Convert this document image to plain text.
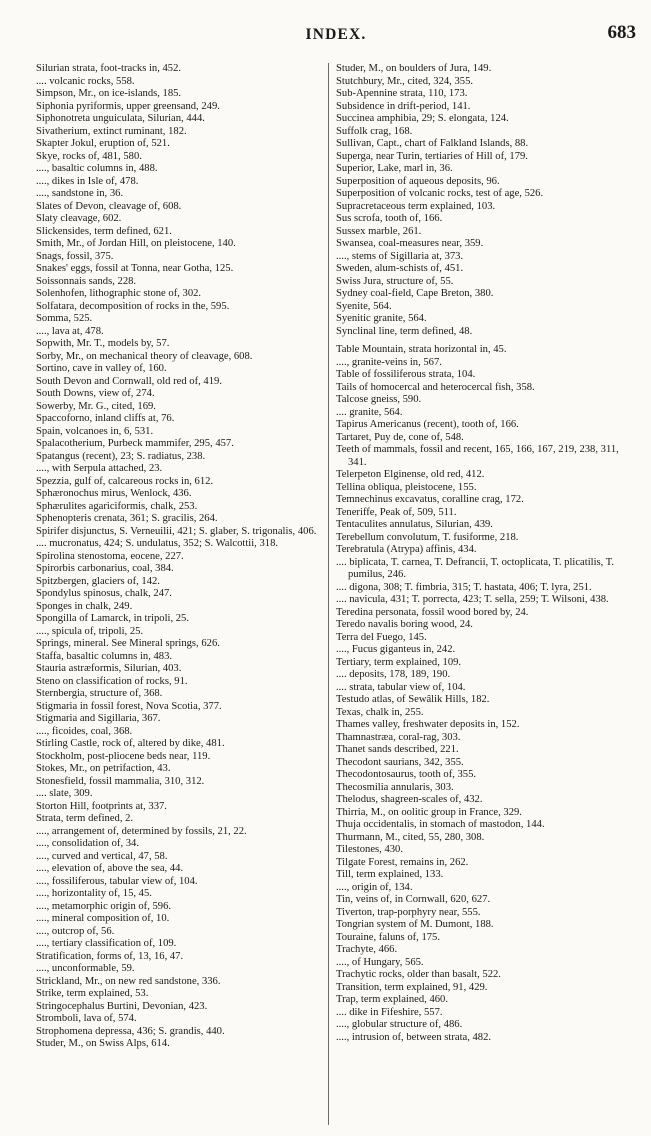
INDEX.	683

Silurian strata, foot-tracks in, 452.

.... volcanic rocks, 558.

Simpson, Mr., on ice-islands, 185.

Siphonia pyriformis, upper greensand, 249.

Siphonotreta unguiculata, Silurian, 444.

Sivatherium, extinct ruminant, 182.

Skapter Jokul, eruption of, 521.

Skye, rocks of, 481, 580.

...., basaltic columns in, 488.

...., dikes in Isle of, 478.

...., sandstone in, 36.

Slates of Devon, cleavage of, 608.

Slaty cleavage, 602.

Slickensides, term defined, 621.

Smith, Mr., of Jordan Hill, on pleistocene, 140.

Snags, fossil, 375.

Snakes' eggs, fossil at Tonna, near Gotha, 125.

Soissonnais sands, 228.

Solenhofen, lithographic stone of, 302.

Solfatara, decomposition of rocks in the, 595.

Somma, 525.

...., lava at, 478.

Sopwith, Mr. T., models by, 57.

Sorby, Mr., on mechanical theory of cleavage, 608.

Sortino, cave in valley of, 160.

South Devon and Cornwall, old red of, 419.

South Downs, view of, 274.

Sowerby, Mr. G., cited, 169.

Spaccoforno, inland cliffs at, 76.

Spain, volcanoes in, 6, 531.

Spalacotherium, Purbeck mammifer, 295, 457.

Spatangus (recent), 23; S. radiatus, 238.

...., with Serpula attached, 23.

Spezzia, gulf of, calcareous rocks in, 612.

Sphæronochus mirus, Wenlock, 436.

Sphærulites agariciformis, chalk, 253.

Sphenopteris crenata, 361; S. gracilis, 264.

Spirifer disjunctus, S. Verneuilii, 421; S. glaber, S. trigonalis, 406.

.... mucronatus, 424; S. undulatus, 352; S. Walcottii, 318.

Spirolina stenostoma, eocene, 227.

Spirorbis carbonarius, coal, 384.

Spitzbergen, glaciers of, 142.

Spondylus spinosus, chalk, 247.

Sponges in chalk, 249.

Spongilla of Lamarck, in tripoli, 25.

...., spicula of, tripoli, 25.

Springs, mineral. See Mineral springs, 626.

Staffa, basaltic columns in, 483.

Stauria astræformis, Silurian, 403.

Steno on classification of rocks, 91.

Sternbergia, structure of, 368.

Stigmaria in fossil forest, Nova Scotia, 377.

Stigmaria and Sigillaria, 367.

...., ficoides, coal, 368.

Stirling Castle, rock of, altered by dike, 481.

Stockholm, post-pliocene beds near, 119.

Stokes, Mr., on petrifaction, 43.

Stonesfield, fossil mammalia, 310, 312.

.... slate, 309.

Storton Hill, footprints at, 337.

Strata, term defined, 2.

...., arrangement of, determined by fossils, 21, 22.

...., consolidation of, 34.

...., curved and vertical, 47, 58.

...., elevation of, above the sea, 44.

...., fossiliferous, tabular view of, 104.

...., horizontality of, 15, 45.

...., metamorphic origin of, 596.

...., mineral composition of, 10.

...., outcrop of, 56.

...., tertiary classification of, 109.

Stratification, forms of, 13, 16, 47.

...., unconformable, 59.

Strickland, Mr., on new red sandstone, 336.

Strike, term explained, 53.

Stringocephalus Burtini, Devonian, 423.

Stromboli, lava of, 574.

Strophomena depressa, 436; S. grandis, 440.

Studer, M., on Swiss Alps, 614.

Studer, M., on boulders of Jura, 149.

Stutchbury, Mr., cited, 324, 355.

Sub-Apennine strata, 110, 173.

Subsidence in drift-period, 141.

Succinea amphibia, 29; S. elongata, 124.

Suffolk crag, 168.

Sullivan, Capt., chart of Falkland Islands, 88.

Superga, near Turin, tertiaries of Hill of, 179.

Superior, Lake, marl in, 36.

Superposition of aqueous deposits, 96.

Superposition of volcanic rocks, test of age, 526.

Supracretaceous term explained, 103.

Sus scrofa, tooth of, 166.

Sussex marble, 261.

Swansea, coal-measures near, 359.

...., stems of Sigillaria at, 373.

Sweden, alum-schists of, 451.

Swiss Jura, structure of, 55.

Sydney coal-field, Cape Breton, 380.

Syenite, 564.

Syenitic granite, 564.

Synclinal line, term defined, 48.

Table Mountain, strata horizontal in, 45.

...., granite-veins in, 567.

Table of fossiliferous strata, 104.

Tails of homocercal and heterocercal fish, 358.

Talcose gneiss, 590.

.... granite, 564.

Tapirus Americanus (recent), tooth of, 166.

Tartaret, Puy de, cone of, 548.

Teeth of mammals, fossil and recent, 165, 166, 167, 219, 238, 311, 341.

Telerpeton Elginense, old red, 412.

Tellina obliqua, pleistocene, 155.

Temnechinus excavatus, coralline crag, 172.

Teneriffe, Peak of, 509, 511.

Tentaculites annulatus, Silurian, 439.

Terebellum convolutum, T. fusiforme, 218.

Terebratula (Atrypa) affinis, 434.

.... biplicata, T. carnea, T. Defrancii, T. octoplicata, T. plicatilis, T. pumilus, 246.

.... digona, 308; T. fimbria, 315; T. hastata, 406; T. lyra, 251.

.... navicula, 431; T. porrecta, 423; T. sella, 259; T. Wilsoni, 438.

Teredina personata, fossil wood bored by, 24.

Teredo navalis boring wood, 24.

Terra del Fuego, 145.

...., Fucus giganteus in, 242.

Tertiary, term explained, 109.

.... deposits, 178, 189, 190.

.... strata, tabular view of, 104.

Testudo atlas, of Sewâlik Hills, 182.

Texas, chalk in, 255.

Thames valley, freshwater deposits in, 152.

Thamnastræa, coral-rag, 303.

Thanet sands described, 221.

Thecodont saurians, 342, 355.

Thecodontosaurus, tooth of, 355.

Thecosmilia annularis, 303.

Thelodus, shagreen-scales of, 432.

Thirria, M., on oolitic group in France, 329.

Thuja occidentalis, in stomach of mastodon, 144.

Thurmann, M., cited, 55, 280, 308.

Tilestones, 430.

Tilgate Forest, remains in, 262.

Till, term explained, 133.

...., origin of, 134.

Tin, veins of, in Cornwall, 620, 627.

Tiverton, trap-porphyry near, 555.

Tongrian system of M. Dumont, 188.

Touraine, faluns of, 175.

Trachyte, 466.

...., of Hungary, 565.

Trachytic rocks, older than basalt, 522.

Transition, term explained, 91, 429.

Trap, term explained, 460.

.... dike in Fifeshire, 557.

...., globular structure of, 486.

...., intrusion of, between strata, 482.
